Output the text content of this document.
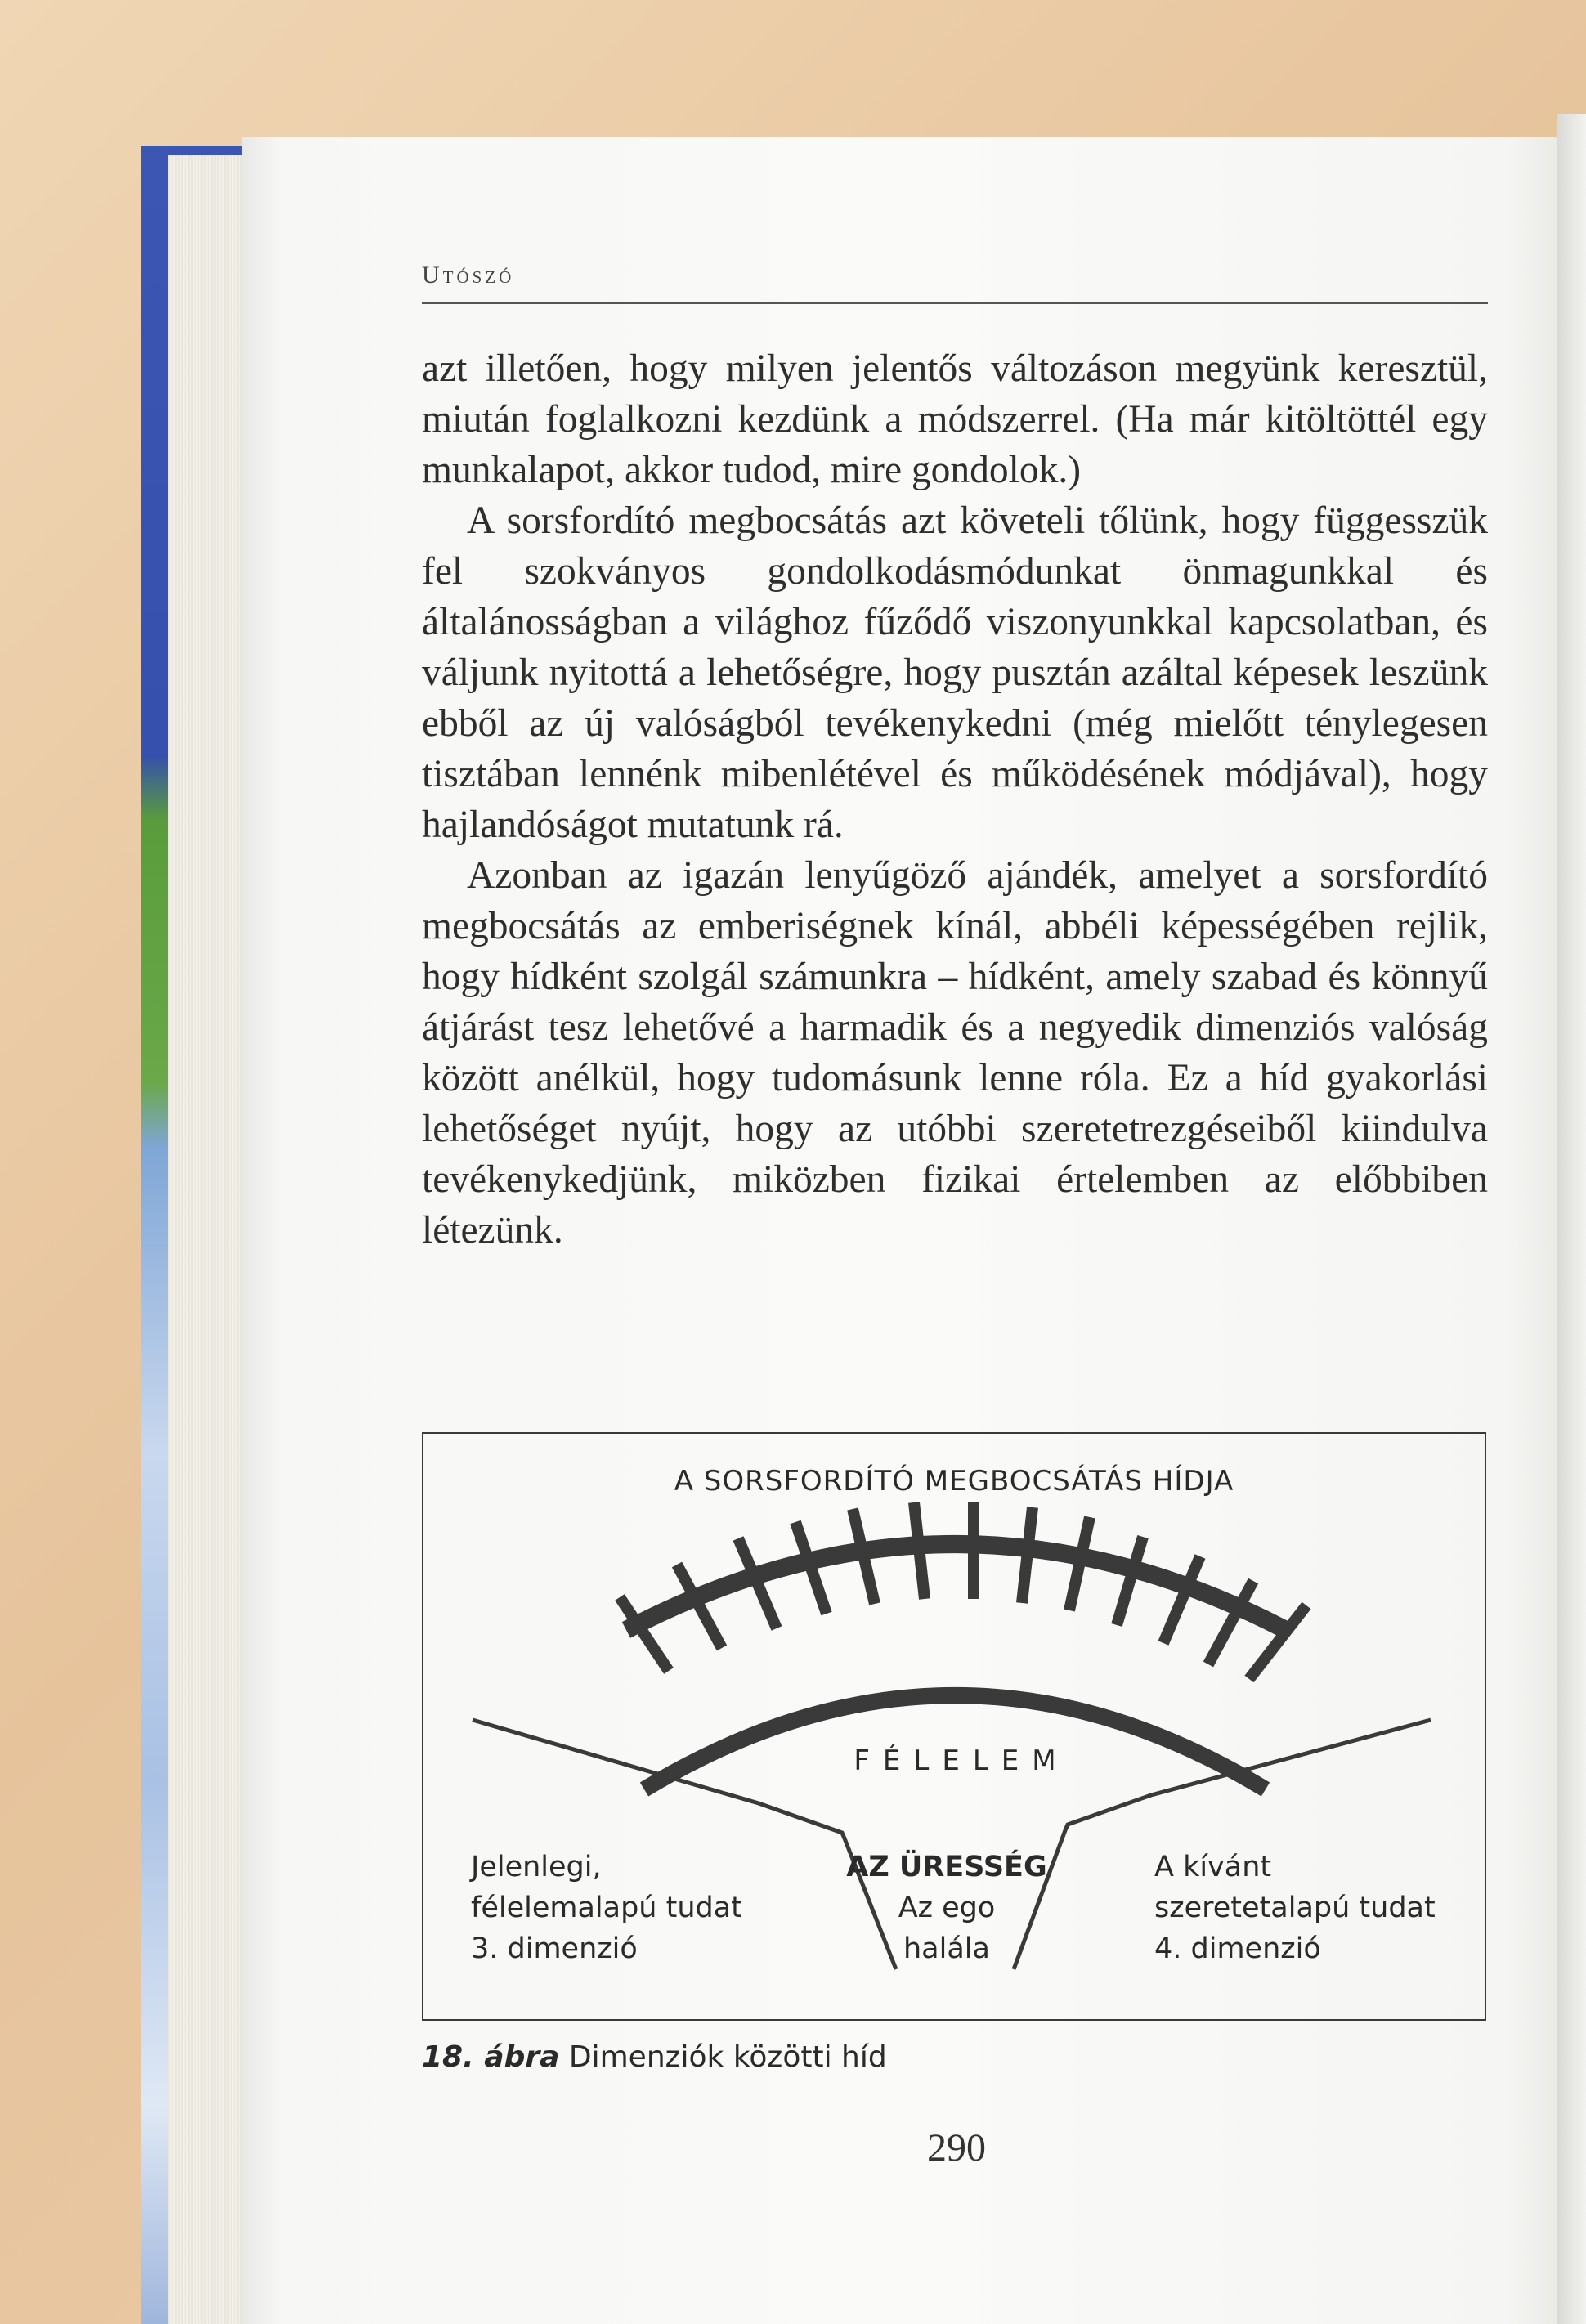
Utószó

azt illetően, hogy milyen jelentős változáson megyünk keresztül, miután foglalkozni kezdünk a módszerrel. (Ha már kitöltöttél egy munkalapot, akkor tudod, mire gondolok.)

A sorsfordító megbocsátás azt követeli tőlünk, hogy függesszük fel szokványos gondolkodásmódunkat önmagunkkal és általánosságban a világhoz fűződő viszonyunkkal kapcsolatban, és váljunk nyitottá a lehetőségre, hogy pusztán azáltal képesek leszünk ebből az új valóságból tevékenykedni (még mielőtt ténylegesen tisztában lennénk mibenlétével és működésének módjával), hogy hajlandóságot mutatunk rá.

Azonban az igazán lenyűgöző ajándék, amelyet a sorsfordító megbocsátás az emberiségnek kínál, abbéli képességében rejlik, hogy hídként szolgál számunkra – hídként, amely szabad és könnyű átjárást tesz lehetővé a harmadik és a negyedik dimenziós valóság között anélkül, hogy tudomásunk lenne róla. Ez a híd gyakorlási lehetőséget nyújt, hogy az utóbbi szeretetrezgéseiből kiindulva tevékenykedjünk, miközben fizikai értelemben az előbbiben létezünk.

A SORSFORDÍTÓ MEGBOCSÁTÁS HÍDJA
FÉLELEM
Jelenlegi,
félelemalapú tudat
3. dimenzió
AZ ÜRESSÉG
Az ego
halála
A kívánt
szeretetalapú tudat
4. dimenzió
18. ábra Dimenziók közötti híd
290
